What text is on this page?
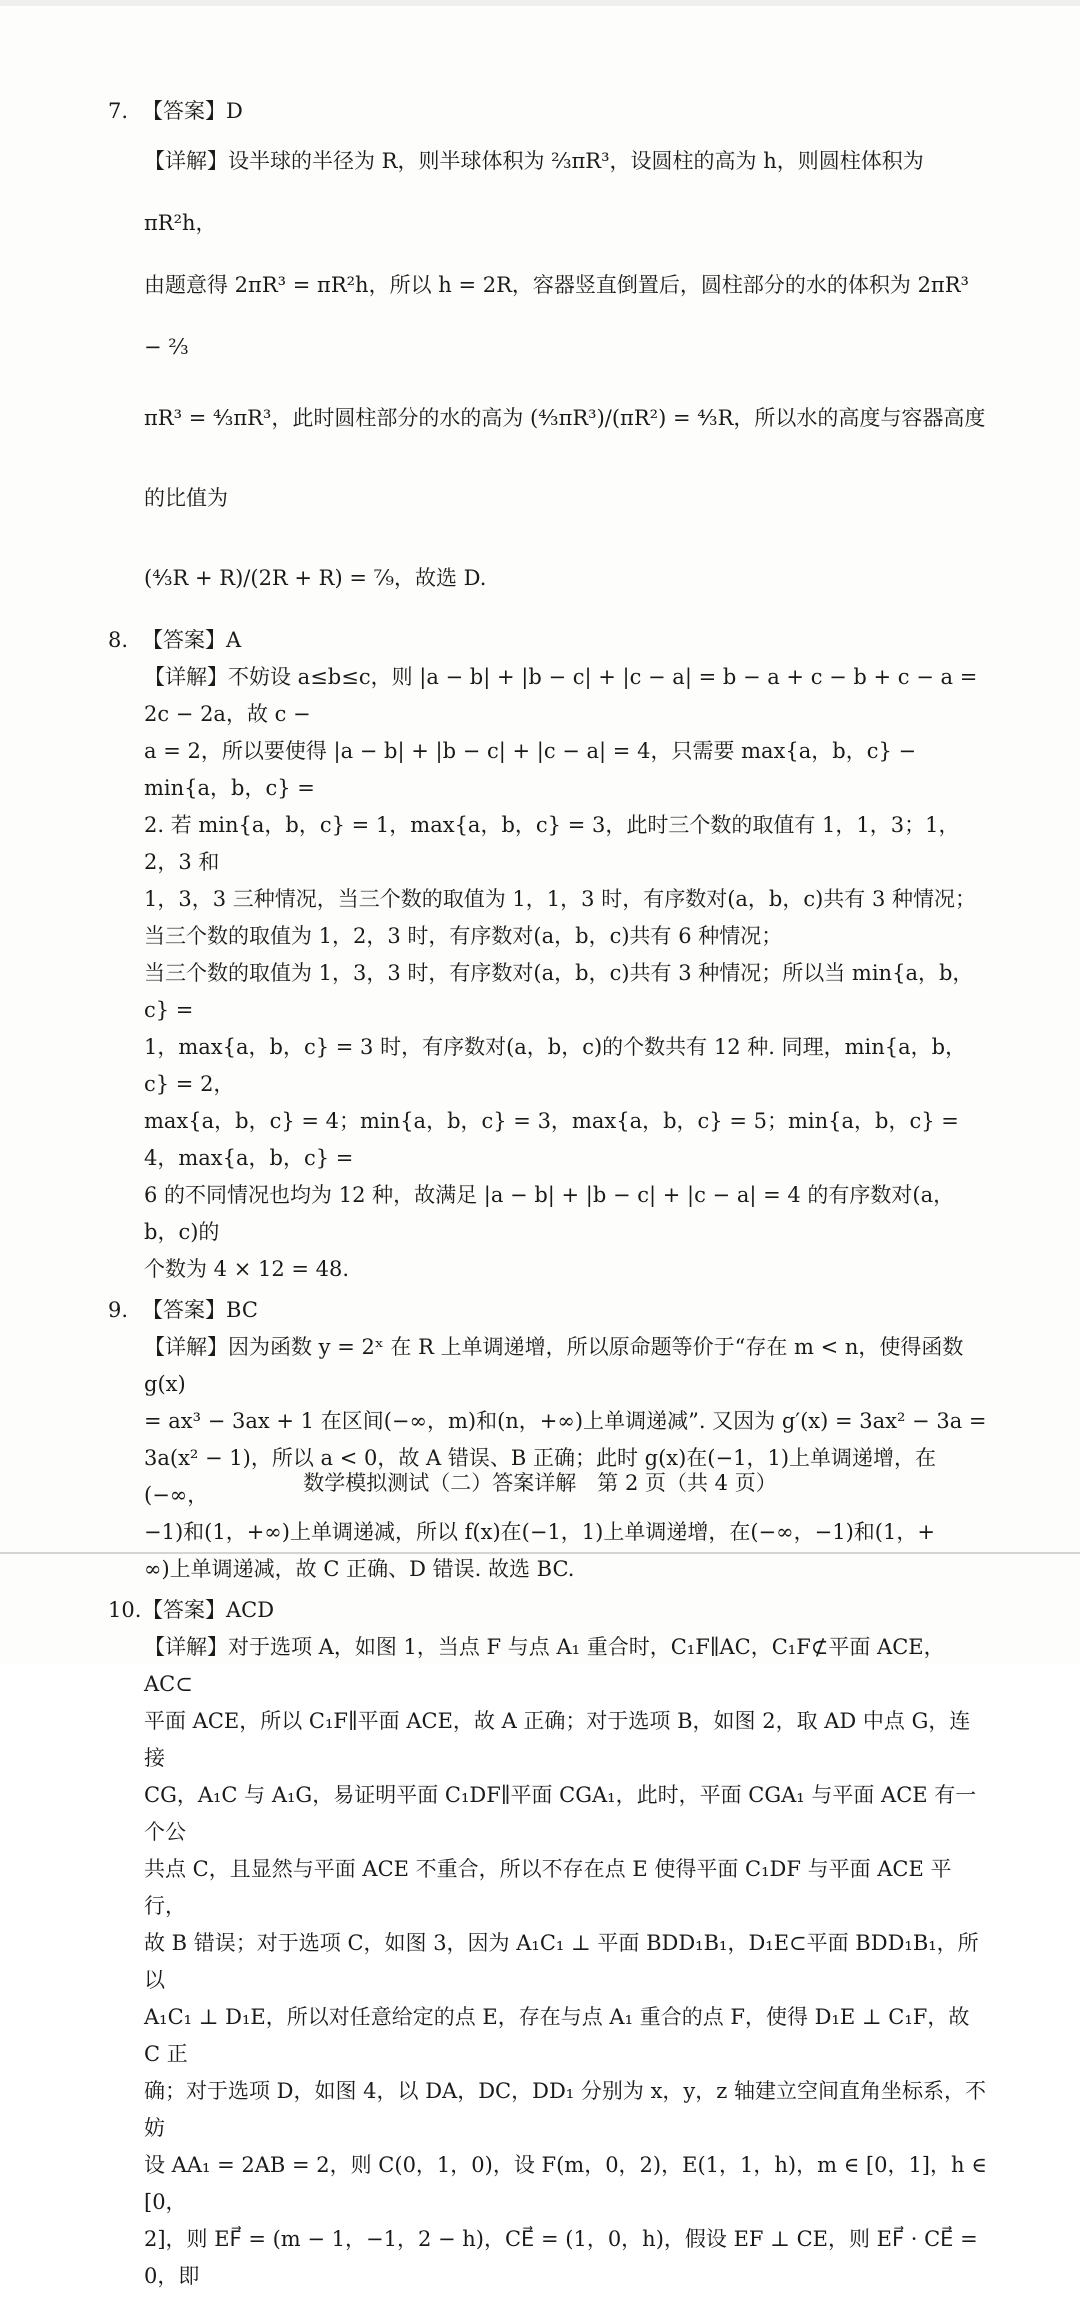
7. 【答案】D

【详解】设半球的半径为 R，则半球体积为 ²⁄₃πR³，设圆柱的高为 h，则圆柱体积为 πR²h，

由题意得 2πR³ = πR²h，所以 h = 2R，容器竖直倒置后，圆柱部分的水的体积为 2πR³ − ²⁄₃

πR³ = ⁴⁄₃πR³，此时圆柱部分的水的高为 (⁴⁄₃πR³)/(πR²) = ⁴⁄₃R，所以水的高度与容器高度的比值为

(⁴⁄₃R + R)/(2R + R) = ⁷⁄₉，故选 D.

8. 【答案】A

【详解】不妨设 a≤b≤c，则 |a − b| + |b − c| + |c − a| = b − a + c − b + c − a = 2c − 2a，故 c −

a = 2，所以要使得 |a − b| + |b − c| + |c − a| = 4，只需要 max{a，b，c} − min{a，b，c} =

2. 若 min{a，b，c} = 1，max{a，b，c} = 3，此时三个数的取值有 1，1，3；1，2，3 和

1，3，3 三种情况，当三个数的取值为 1，1，3 时，有序数对(a，b，c)共有 3 种情况；

当三个数的取值为 1，2，3 时，有序数对(a，b，c)共有 6 种情况；

当三个数的取值为 1，3，3 时，有序数对(a，b，c)共有 3 种情况；所以当 min{a，b，c} =

1，max{a，b，c} = 3 时，有序数对(a，b，c)的个数共有 12 种. 同理，min{a，b，c} = 2，

max{a，b，c} = 4；min{a，b，c} = 3，max{a，b，c} = 5；min{a，b，c} = 4，max{a，b，c} =

6 的不同情况也均为 12 种，故满足 |a − b| + |b − c| + |c − a| = 4 的有序数对(a，b，c)的

个数为 4 × 12 = 48.

9. 【答案】BC

【详解】因为函数 y = 2ˣ 在 R 上单调递增，所以原命题等价于“存在 m < n，使得函数 g(x)

= ax³ − 3ax + 1 在区间(−∞，m)和(n，+∞)上单调递减”. 又因为 g′(x) = 3ax² − 3a =

3a(x² − 1)，所以 a < 0，故 A 错误、B 正确；此时 g(x)在(−1，1)上单调递增，在(−∞，

−1)和(1，+∞)上单调递减，所以 f(x)在(−1，1)上单调递增，在(−∞，−1)和(1，+

∞)上单调递减，故 C 正确、D 错误. 故选 BC.

10.【答案】ACD

【详解】对于选项 A，如图 1，当点 F 与点 A₁ 重合时，C₁F∥AC，C₁F⊄平面 ACE，AC⊂

平面 ACE，所以 C₁F∥平面 ACE，故 A 正确；对于选项 B，如图 2，取 AD 中点 G，连接

CG，A₁C 与 A₁G，易证明平面 C₁DF∥平面 CGA₁，此时，平面 CGA₁ 与平面 ACE 有一个公

共点 C，且显然与平面 ACE 不重合，所以不存在点 E 使得平面 C₁DF 与平面 ACE 平行，

故 B 错误；对于选项 C，如图 3，因为 A₁C₁ ⊥ 平面 BDD₁B₁，D₁E⊂平面 BDD₁B₁，所以

A₁C₁ ⊥ D₁E，所以对任意给定的点 E，存在与点 A₁ 重合的点 F，使得 D₁E ⊥ C₁F，故 C 正

确；对于选项 D，如图 4，以 DA，DC，DD₁ 分别为 x，y，z 轴建立空间直角坐标系，不妨

设 AA₁ = 2AB = 2，则 C(0，1，0)，设 F(m，0，2)，E(1，1，h)，m ∈ [0，1]，h ∈ [0，

2]，则 EF⃗ = (m − 1，−1，2 − h)，CE⃗ = (1，0，h)，假设 EF ⊥ CE，则 EF⃗ · CE⃗ = 0，即

数学模拟测试（二）答案详解　第 2 页（共 4 页）
